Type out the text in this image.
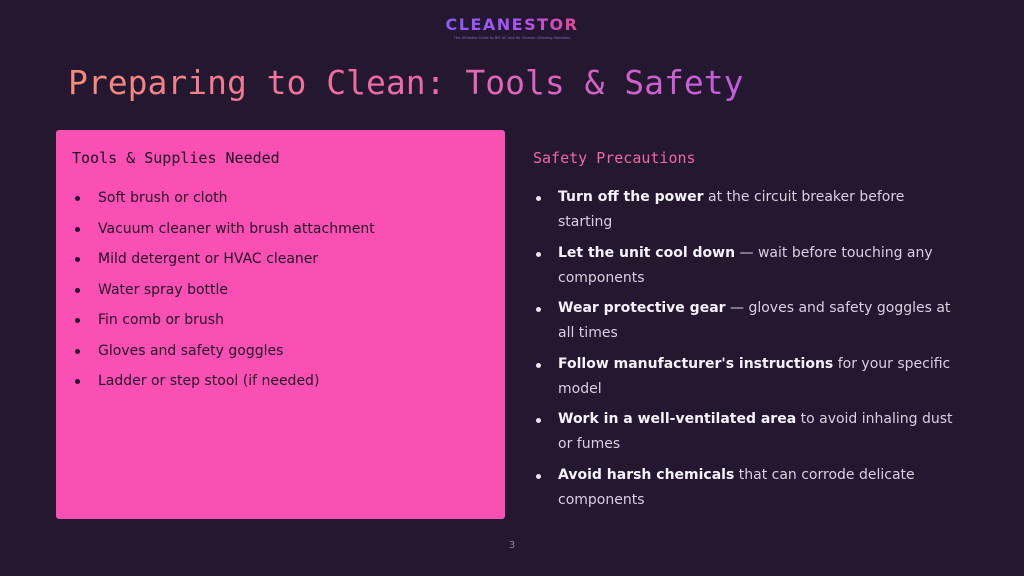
CLEANESTOR
The Ultimate Guide to DIY AC and Air Cleaner Cleaning Solutions
Preparing to Clean: Tools & Safety
Tools & Supplies Needed
Soft brush or cloth
Vacuum cleaner with brush attachment
Mild detergent or HVAC cleaner
Water spray bottle
Fin comb or brush
Gloves and safety goggles
Ladder or step stool (if needed)
Safety Precautions
Turn off the power at the circuit breaker before starting
Let the unit cool down — wait before touching any components
Wear protective gear — gloves and safety goggles at all times
Follow manufacturer's instructions for your specific model
Work in a well-ventilated area to avoid inhaling dust or fumes
Avoid harsh chemicals that can corrode delicate components
3
